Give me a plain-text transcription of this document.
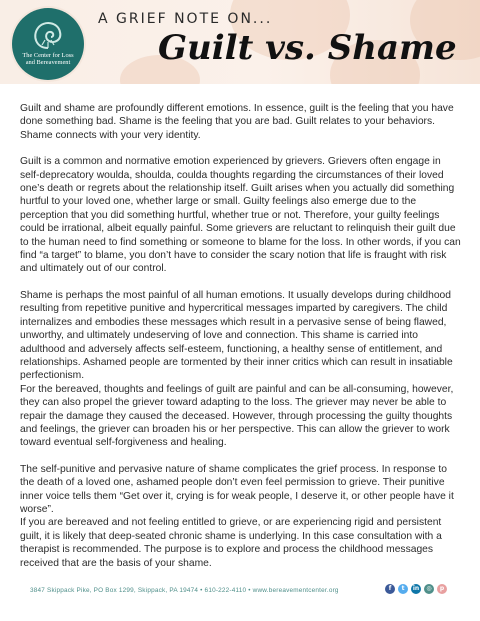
The Center for Loss
and Bereavement
A GRIEF NOTE ON...
Guilt vs. Shame

Guilt and shame are profoundly different emotions. In essence, guilt is the feeling that you have done something bad. Shame is the feeling that you are bad. Guilt relates to your behaviors. Shame connects with your very identity.

Guilt is a common and normative emotion experienced by grievers. Grievers often engage in self-deprecatory woulda, shoulda, coulda thoughts regarding the circumstances of their loved one’s death or regrets about the relationship itself. Guilt arises when you actually did something hurtful to your loved one, whether large or small. Guilty feelings also emerge due to the perception that you did something hurtful, whether true or not. Therefore, your guilty feelings could be irrational, albeit equally painful. Some grievers are reluctant to relinquish their guilt due to the human need to find something or someone to blame for the loss. In other words, if you can find “a target” to blame, you don’t have to consider the scary notion that life is fraught with risk and ultimately out of our control.

Shame is perhaps the most painful of all human emotions. It usually develops during childhood resulting from repetitive punitive and hypercritical messages imparted by caregivers. The child internalizes and embodies these messages which result in a pervasive sense of being flawed, unworthy, and ultimately undeserving of love and connection. This shame is carried into adulthood and adversely affects self-esteem, functioning, a healthy sense of entitlement, and relationships. Ashamed people are tormented by their inner critics which can result in insatiable perfectionism.

For the bereaved, thoughts and feelings of guilt are painful and can be all-consuming, however, they can also propel the griever toward adapting to the loss. The griever may never be able to repair the damage they caused the deceased. However, through processing the guilty thoughts and feelings, the griever can broaden his or her perspective. This can allow the griever to work toward eventual self-forgiveness and healing.

The self-punitive and pervasive nature of shame complicates the grief process. In response to the death of a loved one, ashamed people don’t even feel permission to grieve. Their punitive inner voice tells them “Get over it, crying is for weak people, I deserve it, or other people have it worse”.

If you are bereaved and not feeling entitled to grieve, or are experiencing rigid and persistent guilt, it is likely that deep-seated chronic shame is underlying. In this case consultation with a therapist is recommended. The purpose is to explore and process the childhood messages received that are the basis of your shame.

3847 Skippack Pike, PO Box 1299, Skippack, PA 19474 • 610-222-4110 • www.bereavementcenter.org	f t in ◎ p
